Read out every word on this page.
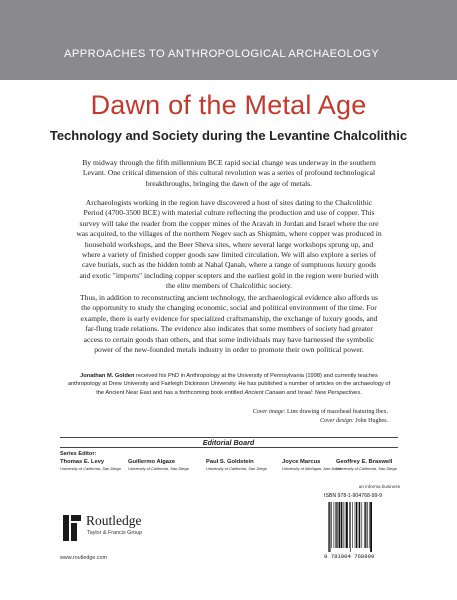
APPROACHES TO ANTHROPOLOGICAL ARCHAEOLOGY
Dawn of the Metal Age
Technology and Society during the Levantine Chalcolithic

By midway through the fifth millennium BCE rapid social change was underway in the southern Levant. One critical dimension of this cultural revolution was a series of profound technological breakthroughs, bringing the dawn of the age of metals.

Archaeologists working in the region have discovered a host of sites dating to the Chalcolithic Period (4700-3500 BCE) with material culture reflecting the production and use of copper. This survey will take the reader from the copper mines of the Aravah in Jordan and Israel where the ore was acquired, to the villages of the northern Negev such as Shiqmim, where copper was produced in household workshops, and the Beer Sheva sites, where several large workshops sprung up, and where a variety of finished copper goods saw limited circulation. We will also explore a series of cave burials, such as the hidden tomb at Nahal Qanah, where a range of sumptuous luxury goods and exotic "imports" including copper scepters and the earliest gold in the region were buried with the elite members of Chalcolithic society.

Thus, in addition to reconstructing ancient technology, the archaeological evidence also affords us the opportunity to study the changing economic, social and political environment of the time. For example, there is early evidence for specialized craftsmanship, the exchange of luxury goods, and far-flung trade relations. The evidence also indicates that some members of society had greater access to certain goods than others, and that some individuals may have harnessed the symbolic power of the new-founded metals industry in order to promote their own political power.

Jonathan M. Golden received his PhD in Anthropology at the University of Pennsylvania (1998) and currently teaches anthropology at Drew University and Fairleigh Dickinson University. He has published a number of articles on the archaeology of the Ancient Near East and has a forthcoming book entitled Ancient Canaan and Israel: New Perspectives.

Cover image: Line drawing of macehead featuring Ibex.
Cover design: John Hughes.
Editorial Board
Series Editor:
Thomas E. Levy
University of California, San Diego
Guillermo Algaze
University of California, San Diego
Paul S. Goldstein
University of California, San Diego
Joyce Marcus
University of Michigan, Ann Arbor
Geoffrey E. Braswell
University of California, San Diego
Routledge
Taylor & Francis Group
www.routledge.com
an informa business
ISBN 978-1-904768-99-9
9 781904 768999
